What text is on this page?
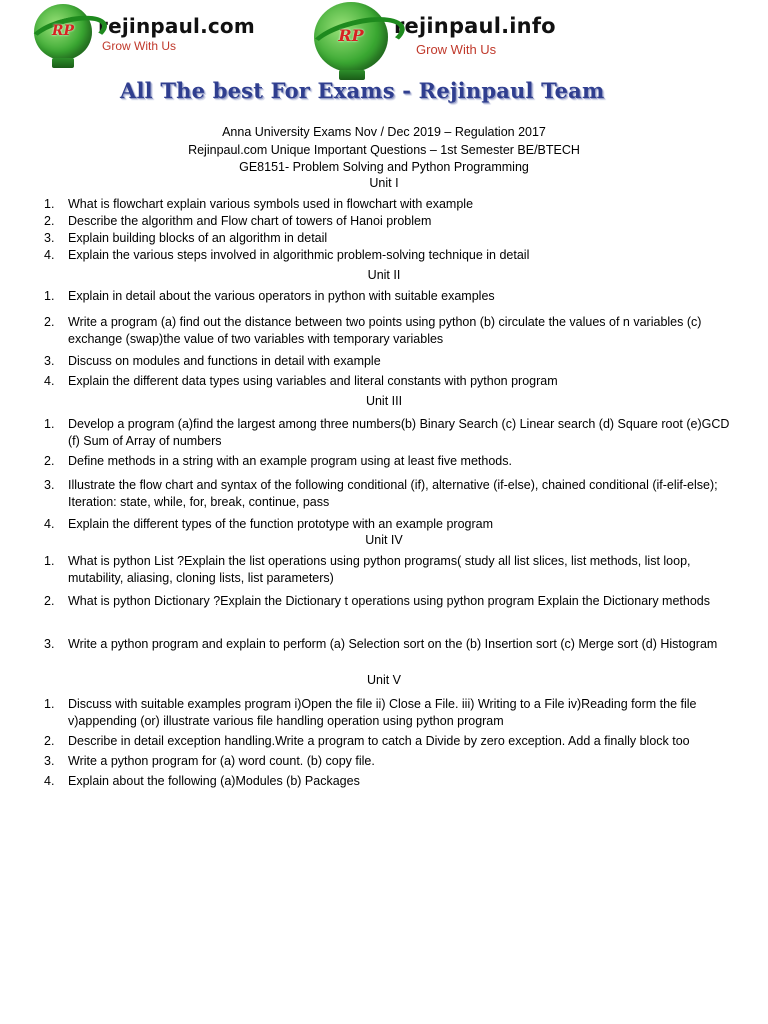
RP	rejinpaul.com
Grow With Us
RP	rejinpaul.info
Grow With Us
All The best For Exams - Rejinpaul Team
Anna University Exams Nov / Dec 2019 – Regulation 2017
Rejinpaul.com Unique Important Questions – 1st Semester BE/BTECH
GE8151- Problem Solving and Python Programming
Unit I
1.	What is flowchart explain various symbols used in flowchart with example
2.	Describe the algorithm and Flow chart of towers of Hanoi problem
3.	Explain building blocks of an algorithm in detail
4.	Explain the various steps involved in algorithmic problem-solving technique in detail
Unit II
1.	Explain in detail about the various operators in python with suitable examples
2.	Write a program (a) find out the distance between two points using python (b) circulate the values of n variables (c) exchange (swap)the value of two variables with temporary variables
3.	Discuss on modules and functions in detail with example
4.	Explain the different data types using variables and literal constants with python program
Unit III
1.	Develop a program (a)find the largest among three numbers(b) Binary Search (c) Linear search (d) Square root (e)GCD (f) Sum of Array of numbers
2.	Define methods in a string with an example program using at least five methods.
3.	Illustrate the flow chart and syntax of the following conditional (if), alternative (if-else), chained conditional (if-elif-else); Iteration: state, while, for, break, continue, pass
4.	Explain the different types of the function prototype with an example program
Unit IV
1.	What is python List ?Explain the list operations using python programs( study all list slices, list methods, list loop, mutability, aliasing, cloning lists, list parameters)
2.	What is python Dictionary ?Explain the Dictionary t operations using python program Explain the Dictionary methods
3.	Write a python program and explain to perform (a) Selection sort on the (b) Insertion sort (c) Merge sort (d) Histogram
Unit V
1.	Discuss with suitable examples program i)Open the file ii) Close a File. iii) Writing to a File iv)Reading form the file v)appending (or) illustrate various file handling operation using python program
2.	Describe in detail exception handling.Write a program to catch a Divide by zero exception. Add a finally block too
3.	Write a python program for (a) word count. (b) copy file.
4.	Explain about the following (a)Modules (b) Packages
